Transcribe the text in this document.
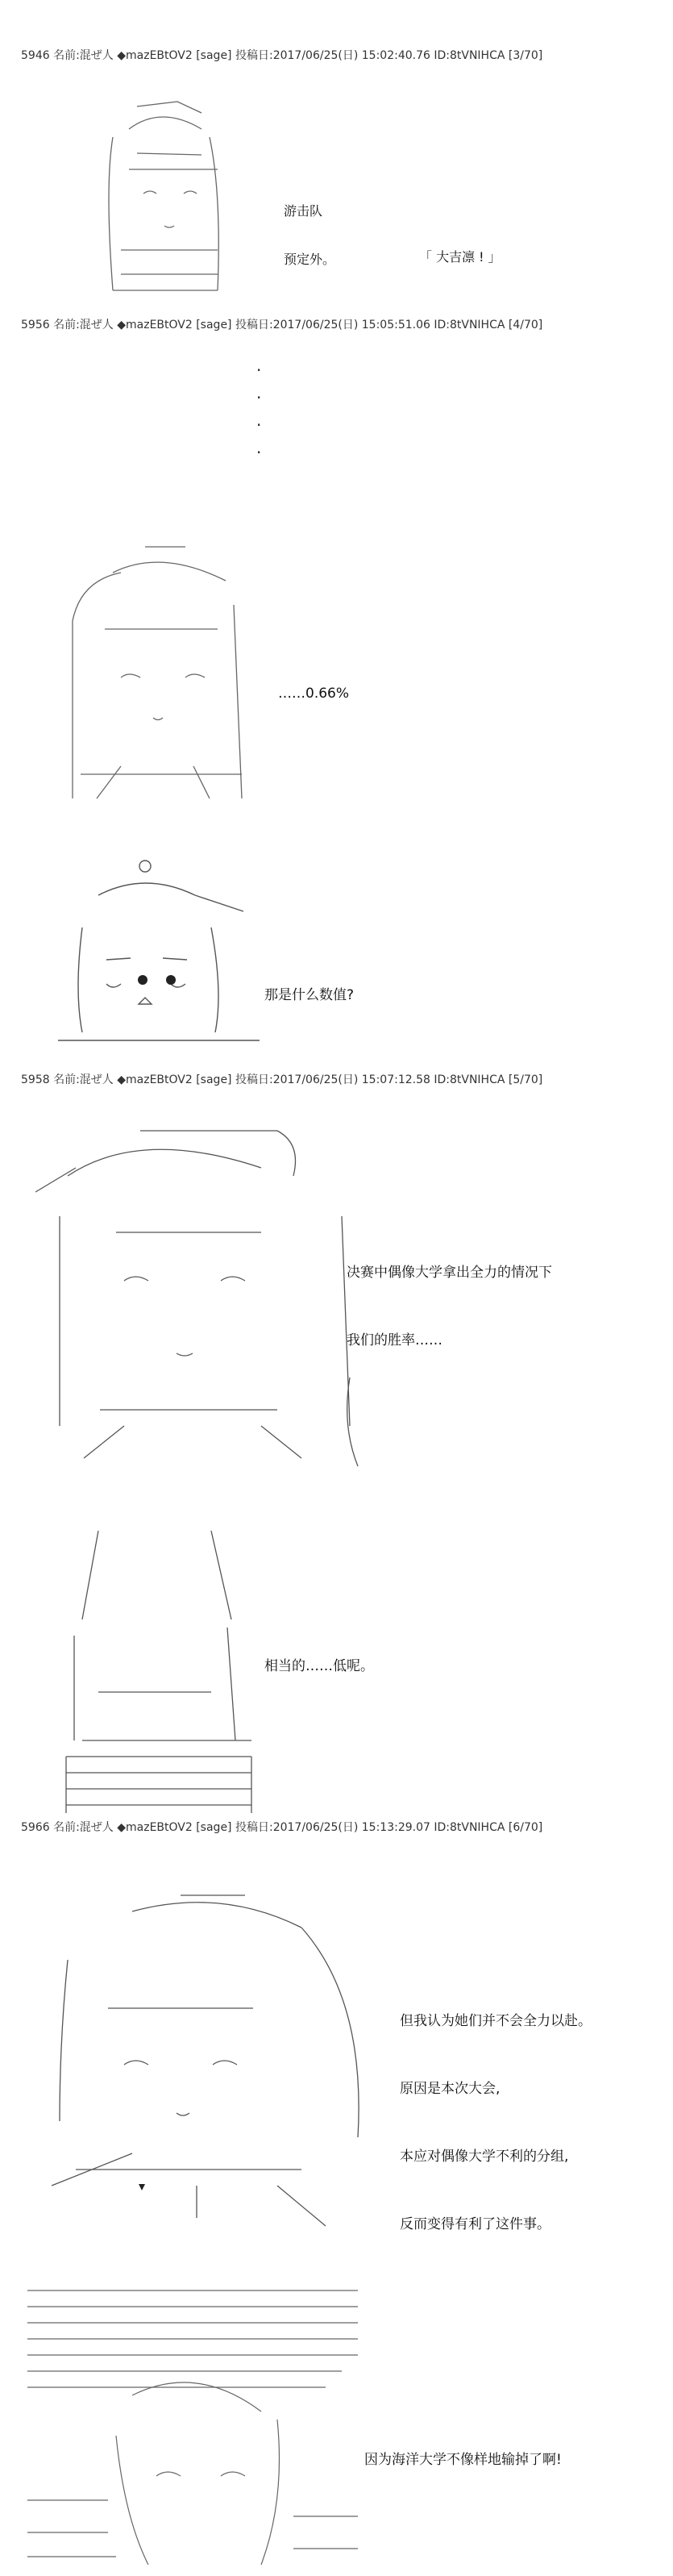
5946 名前:混ぜ人 ◆mazEBtOV2 [sage] 投稿日:2017/06/25(日) 15:02:40.76 ID:8tVNIHCA [3/70]

游击队

预定外。	「 大吉凛 ! 」
5956 名前:混ぜ人 ◆mazEBtOV2 [sage] 投稿日:2017/06/25(日) 15:05:51.06 ID:8tVNIHCA [4/70]
·
·
·
·
……0.66%
那是什么数值?
5958 名前:混ぜ人 ◆mazEBtOV2 [sage] 投稿日:2017/06/25(日) 15:07:12.58 ID:8tVNIHCA [5/70]

决赛中偶像大学拿出全力的情况下

我们的胜率……

相当的……低呢。
5966 名前:混ぜ人 ◆mazEBtOV2 [sage] 投稿日:2017/06/25(日) 15:13:29.07 ID:8tVNIHCA [6/70]

但我认为她们并不会全力以赴。

原因是本次大会,

本应对偶像大学不利的分组,

反而变得有利了这件事。

因为海洋大学不像样地输掉了啊!
